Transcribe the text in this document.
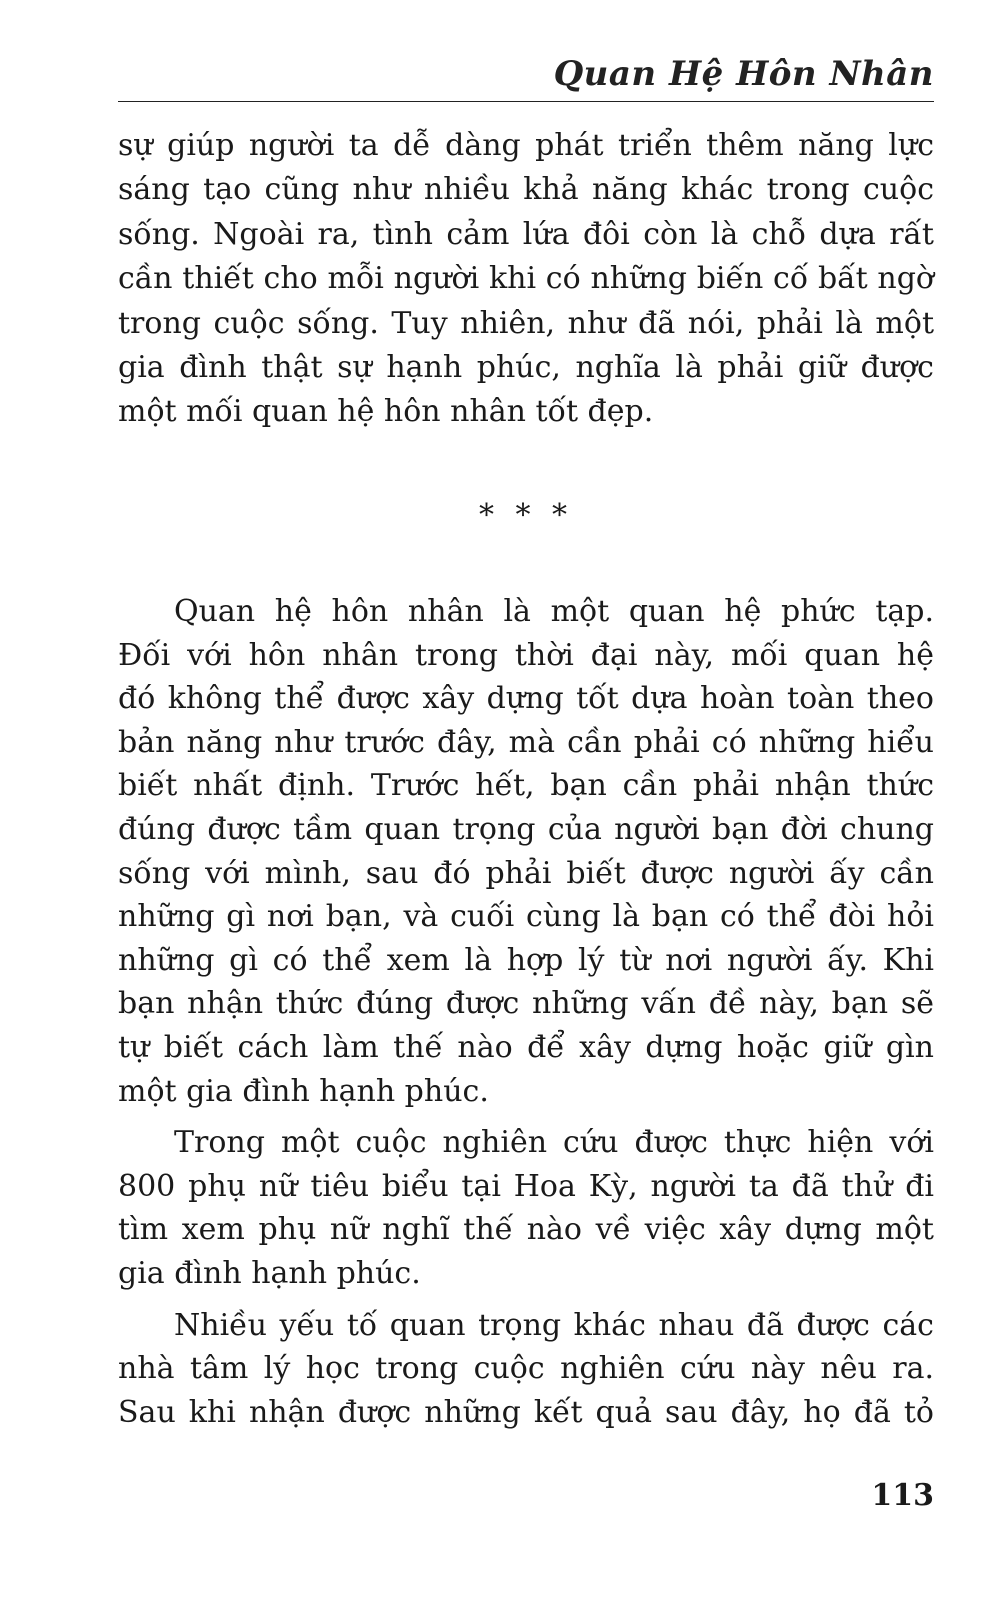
Quan Hệ Hôn Nhân

sự giúp người ta dễ dàng phát triển thêm năng lực
sáng tạo cũng như nhiều khả năng khác trong cuộc
sống. Ngoài ra, tình cảm lứa đôi còn là chỗ dựa rất
cần thiết cho mỗi người khi có những biến cố bất ngờ
trong cuộc sống. Tuy nhiên, như đã nói, phải là một
gia đình thật sự hạnh phúc, nghĩa là phải giữ được
một mối quan hệ hôn nhân tốt đẹp.

* * *

Quan hệ hôn nhân là một quan hệ phức tạp.
Đối với hôn nhân trong thời đại này, mối quan hệ
đó không thể được xây dựng tốt dựa hoàn toàn theo
bản năng như trước đây, mà cần phải có những hiểu
biết nhất định. Trước hết, bạn cần phải nhận thức
đúng được tầm quan trọng của người bạn đời chung
sống với mình, sau đó phải biết được người ấy cần
những gì nơi bạn, và cuối cùng là bạn có thể đòi hỏi
những gì có thể xem là hợp lý từ nơi người ấy. Khi
bạn nhận thức đúng được những vấn đề này, bạn sẽ
tự biết cách làm thế nào để xây dựng hoặc giữ gìn
một gia đình hạnh phúc.

Trong một cuộc nghiên cứu được thực hiện với
800 phụ nữ tiêu biểu tại Hoa Kỳ, người ta đã thử đi
tìm xem phụ nữ nghĩ thế nào về việc xây dựng một
gia đình hạnh phúc.

Nhiều yếu tố quan trọng khác nhau đã được các
nhà tâm lý học trong cuộc nghiên cứu này nêu ra.
Sau khi nhận được những kết quả sau đây, họ đã tỏ

113
